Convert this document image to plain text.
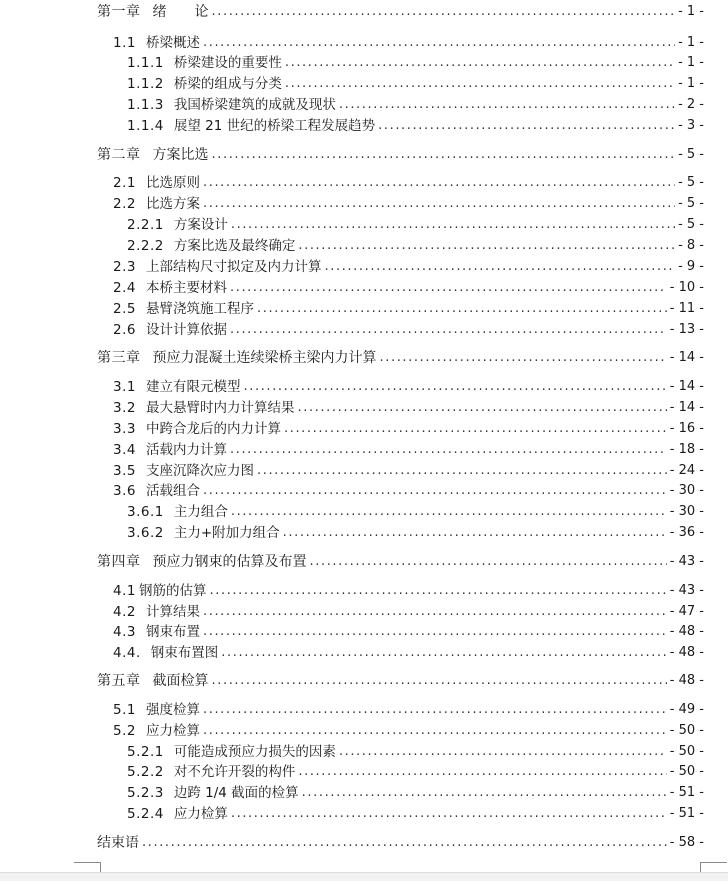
第一章 绪　　论 .....	- 1 -
1.1 桥梁概述 .....	- 1 -
1.1.1 桥梁建设的重要性 .....	- 1 -
1.1.2 桥梁的组成与分类 .....	- 1 -
1.1.3 我国桥梁建筑的成就及现状 .....	- 2 -
1.1.4 展望 21 世纪的桥梁工程发展趋势 .....	- 3 -
第二章 方案比选 .....	- 5 -
2.1 比选原则 .....	- 5 -
2.2 比选方案 .....	- 5 -
2.2.1 方案设计 .....	- 5 -
2.2.2 方案比选及最终确定 .....	- 8 -
2.3 上部结构尺寸拟定及内力计算 .....	- 9 -
2.4 本桥主要材料 .....	- 10 -
2.5 悬臂浇筑施工程序 .....	- 11 -
2.6 设计计算依据 .....	- 13 -
第三章 预应力混凝土连续梁桥主梁内力计算 .....	- 14 -
3.1 建立有限元模型 .....	- 14 -
3.2 最大悬臂时内力计算结果 .....	- 14 -
3.3 中跨合龙后的内力计算 .....	- 16 -
3.4 活载内力计算 .....	- 18 -
3.5 支座沉降次应力图 .....	- 24 -
3.6 活载组合 .....	- 30 -
3.6.1 主力组合 .....	- 30 -
3.6.2 主力+附加力组合 .....	- 36 -
第四章 预应力钢束的估算及布置 .....	- 43 -
4.1 钢筋的估算 .....	- 43 -
4.2 计算结果 .....	- 47 -
4.3 钢束布置 .....	- 48 -
4.4. 钢束布置图 .....	- 48 -
第五章 截面检算 .....	- 48 -
5.1 强度检算 .....	- 49 -
5.2 应力检算 .....	- 50 -
5.2.1 可能造成预应力损失的因素 .....	- 50 -
5.2.2 对不允许开裂的构件 .....	- 50 -
5.2.3 边跨 1/4 截面的检算 .....	- 51 -
5.2.4 应力检算 .....	- 51 -
结束语 .....	- 58 -
